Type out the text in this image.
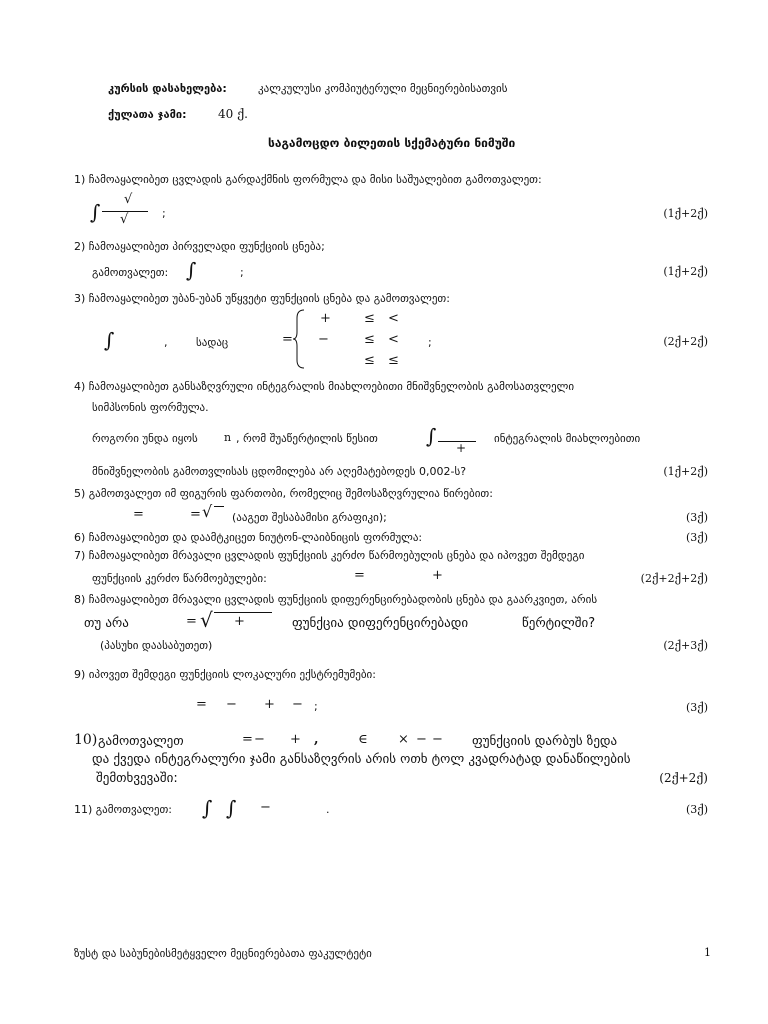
კურსის დასახელება:	კალკულუსი კომპიუტერული მეცნიერებისათვის
ქულათა ჯამი:	40 ქ.
საგამოცდო ბილეთის სქემატური ნიმუში
1) ჩამოაყალიბეთ ცვლადის გარდაქმნის ფორმულა და მისი საშუალებით გამოთვალეთ:
∫
√
√	;	(1ქ+2ქ)
2) ჩამოაყალიბეთ პირველადი ფუნქციის ცნება;
გამოთვალეთ: ∫	;	(1ქ+2ქ)
3) ჩამოაყალიბეთ უბან-უბან უწყვეტი ფუნქციის ცნება და გამოთვალეთ:
∫	,	სადაც	=
+	≤ <
−	≤ <	;
≤ ≤
(2ქ+2ქ)
4) ჩამოაყალიბეთ განსაზღვრული ინტეგრალის მიახლოებითი მნიშვნელობის გამოსათვლელი
სიმპსონის ფორმულა.
როგორი უნდა იყოს n , რომ შუაწერტილის წესით ∫ +
ინტეგრალის მიახლოებითი
მნიშვნელობის გამოთვლისას ცდომილება არ აღემატებოდეს 0,002-ს?	(1ქ+2ქ)
5) გამოთვალეთ იმ ფიგურის ფართობი, რომელიც შემოსაზღვრულია წირებით:
=	= √ (ააგეთ შესაბამისი გრაფიკი);	(3ქ)
6) ჩამოაყალიბეთ და დაამტკიცეთ ნიუტონ-ლაიბნიცის ფორმულა:	(3ქ)
7) ჩამოაყალიბეთ მრავალი ცვლადის ფუნქციის კერძო წარმოებულის ცნება და იპოვეთ შემდეგი
ფუნქციის კერძო წარმოებულები:	=	+	(2ქ+2ქ+2ქ)
8) ჩამოაყალიბეთ მრავალი ცვლადის ფუნქციის დიფერენცირებადობის ცნება და გაარკვიეთ, არის
თუ არა	= √ +	ფუნქცია დიფერენცირებადი	წერტილში?
(პასუხი დაასაბუთეთ)	(2ქ+3ქ)
9) იპოვეთ შემდეგი ფუნქციის ლოკალური ექსტრემუმები:
= − + − ;	(3ქ)
10) გამოთვალეთ	= − + ,	∈ × − − ფუნქციის დარბუს ზედა
და ქვედა ინტეგრალური ჯამი განსაზღვრის არის ოთხ ტოლ კვადრატად დანაწილების
შემთხვევაში:	(2ქ+2ქ)
11) გამოთვალეთ: ∫ ∫ −	.	(3ქ)
ზუსტ და საბუნებისმეტყველო მეცნიერებათა ფაკულტეტი	1
